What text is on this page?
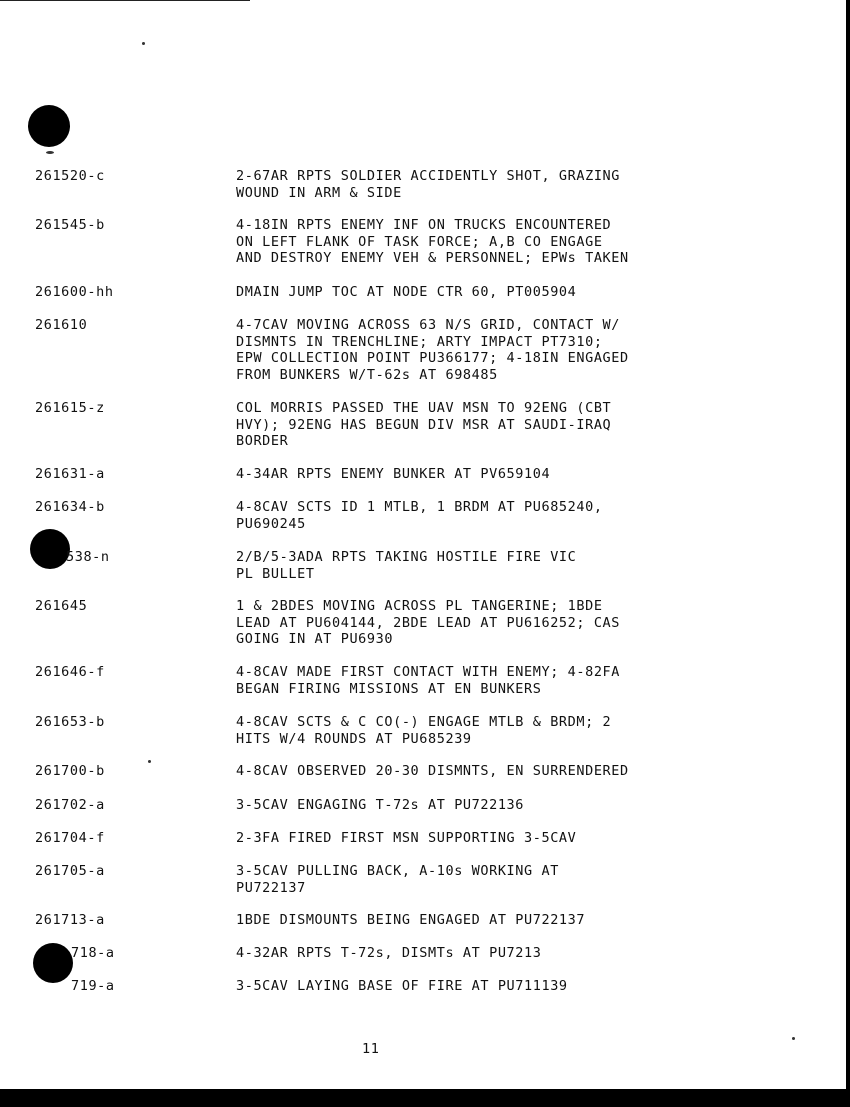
261520-c	2-67AR RPTS SOLDIER ACCIDENTLY SHOT, GRAZING
WOUND IN ARM & SIDE
261545-b	4-18IN RPTS ENEMY INF ON TRUCKS ENCOUNTERED
ON LEFT FLANK OF TASK FORCE; A,B CO ENGAGE
AND DESTROY ENEMY VEH & PERSONNEL; EPWs TAKEN
261600-hh	DMAIN JUMP TOC AT NODE CTR 60, PT005904
261610	4-7CAV MOVING ACROSS 63 N/S GRID, CONTACT W/
DISMNTS IN TRENCHLINE; ARTY IMPACT PT7310;
EPW COLLECTION POINT PU366177; 4-18IN ENGAGED
FROM BUNKERS W/T-62s AT 698485
261615-z	COL MORRIS PASSED THE UAV MSN TO 92ENG (CBT
HVY); 92ENG HAS BEGUN DIV MSR AT SAUDI-IRAQ
BORDER
261631-a	4-34AR RPTS ENEMY BUNKER AT PV659104
261634-b	4-8CAV SCTS ID 1 MTLB, 1 BRDM AT PU685240,
PU690245
538-n	2/B/5-3ADA RPTS TAKING HOSTILE FIRE VIC
PL BULLET
261645	1 & 2BDES MOVING ACROSS PL TANGERINE; 1BDE
LEAD AT PU604144, 2BDE LEAD AT PU616252; CAS
GOING IN AT PU6930
261646-f	4-8CAV MADE FIRST CONTACT WITH ENEMY; 4-82FA
BEGAN FIRING MISSIONS AT EN BUNKERS
261653-b	4-8CAV SCTS & C CO(-) ENGAGE MTLB & BRDM; 2
HITS W/4 ROUNDS AT PU685239
261700-b	4-8CAV OBSERVED 20-30 DISMNTS, EN SURRENDERED
261702-a	3-5CAV ENGAGING T-72s AT PU722136
261704-f	2-3FA FIRED FIRST MSN SUPPORTING 3-5CAV
261705-a	3-5CAV PULLING BACK, A-10s WORKING AT
PU722137
261713-a	1BDE DISMOUNTS BEING ENGAGED AT PU722137
718-a	4-32AR RPTS T-72s, DISMTs AT PU7213
719-a	3-5CAV LAYING BASE OF FIRE AT PU711139
11
